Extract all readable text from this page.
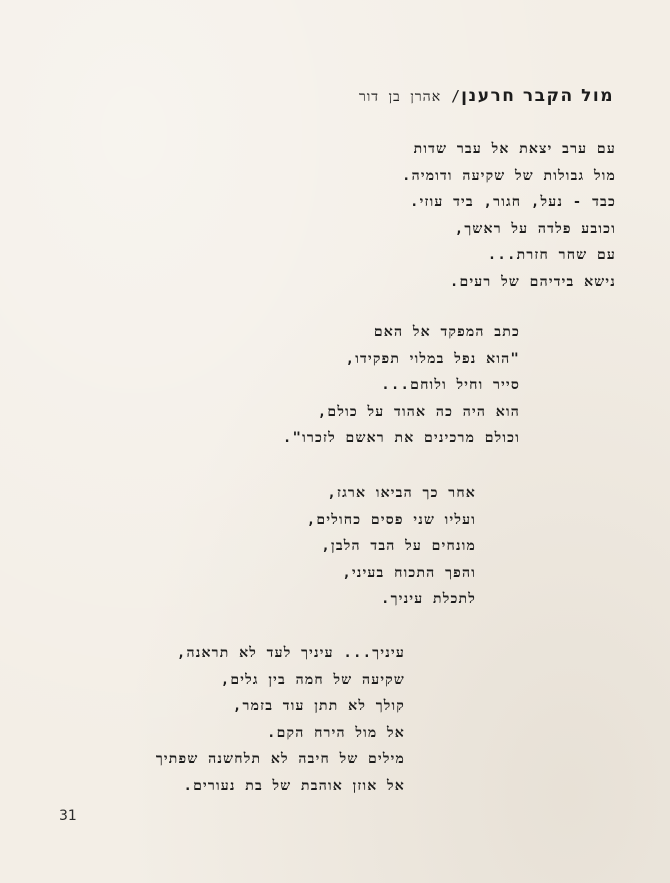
מול הקבר חרענן/ אהרן בן דור
עם ערב יצאת אל עבר שדות
מול גבולות של שקיעה ודומיה.
כבד - נעל, חגור, ביד עוזי.
וכובע פלדה על ראשך,
עם שחר חזרת...
נישא בידיהם של רעים.
כתב המפקד אל האם
"הוא נפל במלוי תפקידו,
סייר וחיל ולוחם...
הוא היה כה אהוד על כולם,
וכולם מרכינים את ראשם לזכרו".
אחר כך הביאו ארגז,
ועליו שני פסים כחולים,
מונחים על הבד הלבן,
והפך התכוח בעיני,
לתכלת עיניך.
עיניך... עיניך לעד לא תראנה,
שקיעה של חמה בין גלים,
קולך לא תתן עוד בזמר,
אל מול הירח הקם.
מילים של חיבה לא תלחשנה שפתיך
אל אוזן אוהבת של בת נעורים.
31
